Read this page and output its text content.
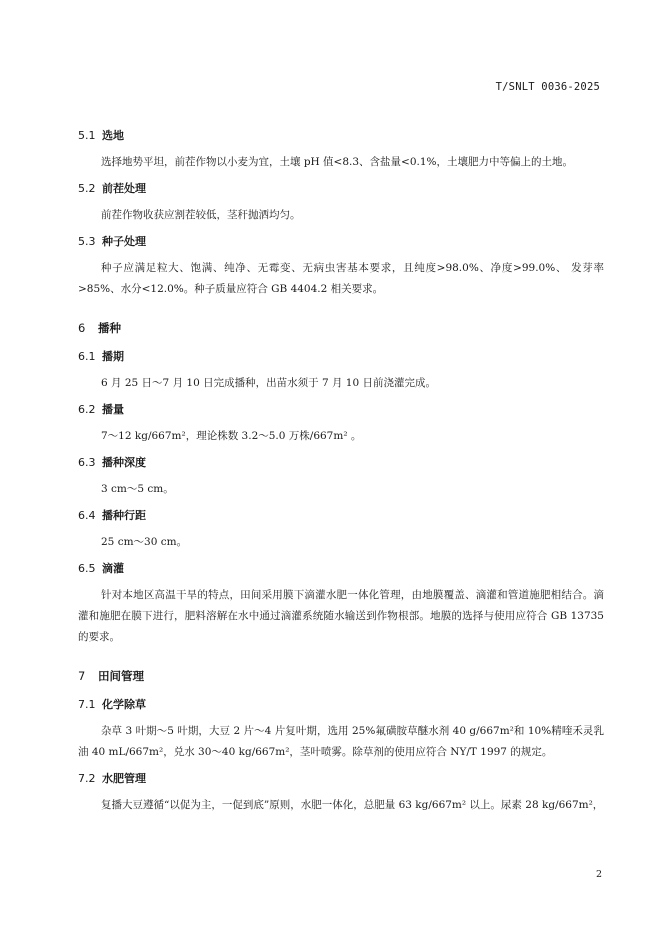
T/SNLT 0036-2025
5.1 选地
选择地势平坦，前茬作物以小麦为宜，土壤 pH 值<8.3、含盐量<0.1%，土壤肥力中等偏上的土地。
5.2 前茬处理
前茬作物收获应割茬较低，茎秆抛洒均匀。
5.3 种子处理
种子应满足粒大、饱满、纯净、无霉变、无病虫害基本要求，且纯度>98.0%、净度>99.0%、 发芽率>85%、水分<12.0%。种子质量应符合 GB 4404.2 相关要求。
6 播种
6.1 播期
6 月 25 日～7 月 10 日完成播种，出苗水须于 7 月 10 日前浇灌完成。
6.2 播量
7～12 kg/667m²，理论株数 3.2～5.0 万株/667m² 。
6.3 播种深度
3 cm～5 cm。
6.4 播种行距
25 cm～30 cm。
6.5 滴灌
针对本地区高温干旱的特点，田间采用膜下滴灌水肥一体化管理，由地膜覆盖、滴灌和管道施肥相结合。滴灌和施肥在膜下进行，肥料溶解在水中通过滴灌系统随水输送到作物根部。地膜的选择与使用应符合 GB 13735 的要求。
7 田间管理
7.1 化学除草
杂草 3 叶期～5 叶期，大豆 2 片～4 片复叶期，选用 25%氟磺胺草醚水剂 40 g/667m²和 10%精喹禾灵乳油 40 mL/667m²，兑水 30～40 kg/667m²，茎叶喷雾。除草剂的使用应符合 NY/T 1997 的规定。
7.2 水肥管理
复播大豆遵循“以促为主，一促到底”原则，水肥一体化，总肥量 63 kg/667m² 以上。尿素 28 kg/667m²，
2
